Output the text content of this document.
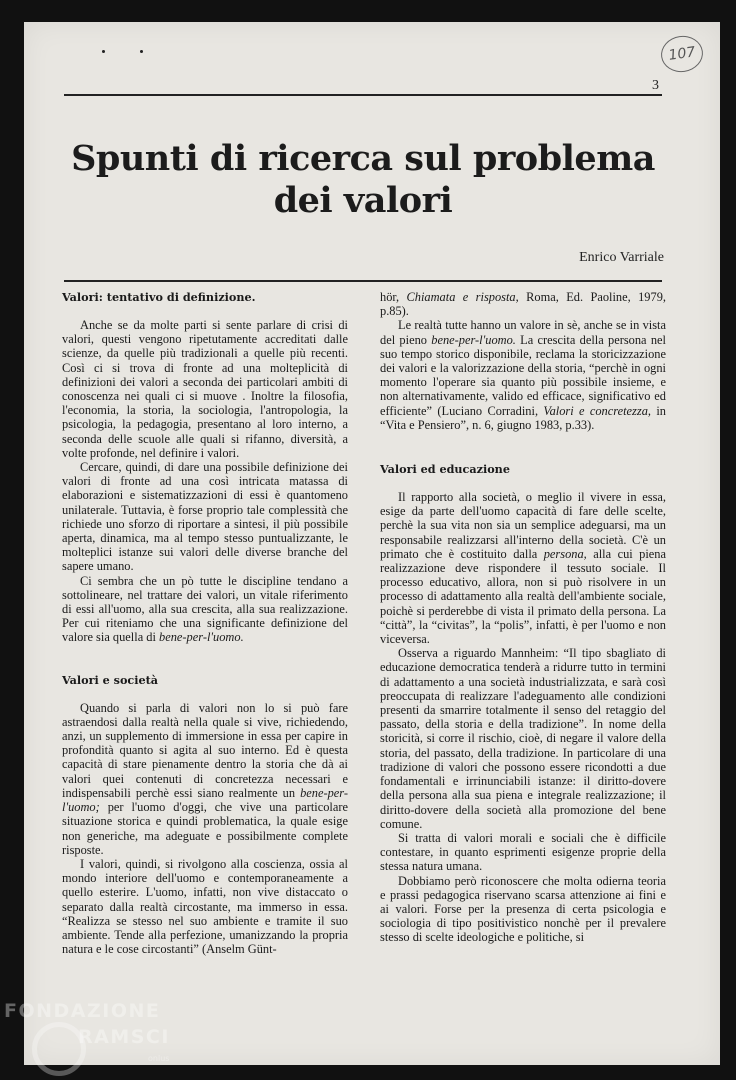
107
3
Spunti di ricerca sul problema
dei valori
Enrico Varriale
Valori: tentativo di definizione.

Anche se da molte parti si sente parlare di crisi di valori, questi vengono ripetutamente accreditati dalle scienze, da quelle più tradizionali a quelle più recenti. Così ci si trova di fronte ad una molteplicità di definizioni dei valori a seconda dei particolari ambiti di conoscenza nei quali ci si muove . Inoltre la filosofia, l'economia, la storia, la sociologia, l'antropologia, la psicologia, la pedagogia, presentano al loro interno, a seconda delle scuole alle quali si rifanno, diversità, a volte profonde, nel definire i valori.

Cercare, quindi, di dare una possibile definizione dei valori di fronte ad una così intricata matassa di elaborazioni e sistematizzazioni di essi è quantomeno unilaterale. Tuttavia, è forse proprio tale complessità che richiede uno sforzo di riportare a sintesi, il più possibile aperta, dinamica, ma al tempo stesso puntualizzante, le molteplici istanze sui valori delle diverse branche del sapere umano.

Ci sembra che un pò tutte le discipline tendano a sottolineare, nel trattare dei valori, un vitale riferimento di essi all'uomo, alla sua crescita, alla sua realizzazione. Per cui riteniamo che una significante definizione del valore sia quella di bene-per-l'uomo.

Valori e società

Quando si parla di valori non lo si può fare astraendosi dalla realtà nella quale si vive, richiedendo, anzi, un supplemento di immersione in essa per capire in profondità quanto si agita al suo interno. Ed è questa capacità di stare pienamente dentro la storia che dà ai valori quei contenuti di concretezza necessari e indispensabili perchè essi siano realmente un bene-per-l'uomo; per l'uomo d'oggi, che vive una particolare situazione storica e quindi problematica, la quale esige non generiche, ma adeguate e possibilmente complete risposte.

I valori, quindi, si rivolgono alla coscienza, ossia al mondo interiore dell'uomo e contemporaneamente a quello esterire. L'uomo, infatti, non vive distaccato o separato dalla realtà circostante, ma immerso in essa. “Realizza se stesso nel suo ambiente e tramite il suo ambiente. Tende alla perfezione, umanizzando la propria natura e le cose circostanti” (Anselm Günt-

hör, Chiamata e risposta, Roma, Ed. Paoline, 1979, p.85).

Le realtà tutte hanno un valore in sè, anche se in vista del pieno bene-per-l'uomo. La crescita della persona nel suo tempo storico disponibile, reclama la storicizzazione dei valori e la valorizzazione della storia, “perchè in ogni momento l'operare sia quanto più possibile insieme, e non alternativamente, valido ed efficace, significativo ed efficiente” (Luciano Corradini, Valori e concretezza, in “Vita e Pensiero”, n. 6, giugno 1983, p.33).

Valori ed educazione

Il rapporto alla società, o meglio il vivere in essa, esige da parte dell'uomo capacità di fare delle scelte, perchè la sua vita non sia un semplice adeguarsi, ma un responsabile realizzarsi all'interno della società. C'è un primato che è costituito dalla persona, alla cui piena realizzazione deve rispondere il tessuto sociale. Il processo educativo, allora, non si può risolvere in un processo di adattamento alla realtà dell'ambiente sociale, poichè si perderebbe di vista il primato della persona. La “città”, la “civitas”, la “polis”, infatti, è per l'uomo e non viceversa.

Osserva a riguardo Mannheim: “Il tipo sbagliato di educazione democratica tenderà a ridurre tutto in termini di adattamento a una società industrializzata, e sarà così preoccupata di realizzare l'adeguamento alle condizioni presenti da smarrire totalmente il senso del retaggio del passato, della storia e della tradizione”. In nome della storicità, si corre il rischio, cioè, di negare il valore della storia, del passato, della tradizione. In particolare di una tradizione di valori che possono essere ricondotti a due fondamentali e irrinunciabili istanze: il diritto-dovere della persona alla sua piena e integrale realizzazione; il diritto-dovere della società alla promozione del bene comune.

Si tratta di valori morali e sociali che è difficile contestare, in quanto esprimenti esigenze proprie della stessa natura umana.

Dobbiamo però riconoscere che molta odierna teoria e prassi pedagogica riservano scarsa attenzione ai fini e ai valori. Forse per la presenza di certa psicologia e sociologia di tipo positivistico nonchè per il prevalere stesso di scelte ideologiche e politiche, si

FONDAZIONE
RAMSCI
onlus
